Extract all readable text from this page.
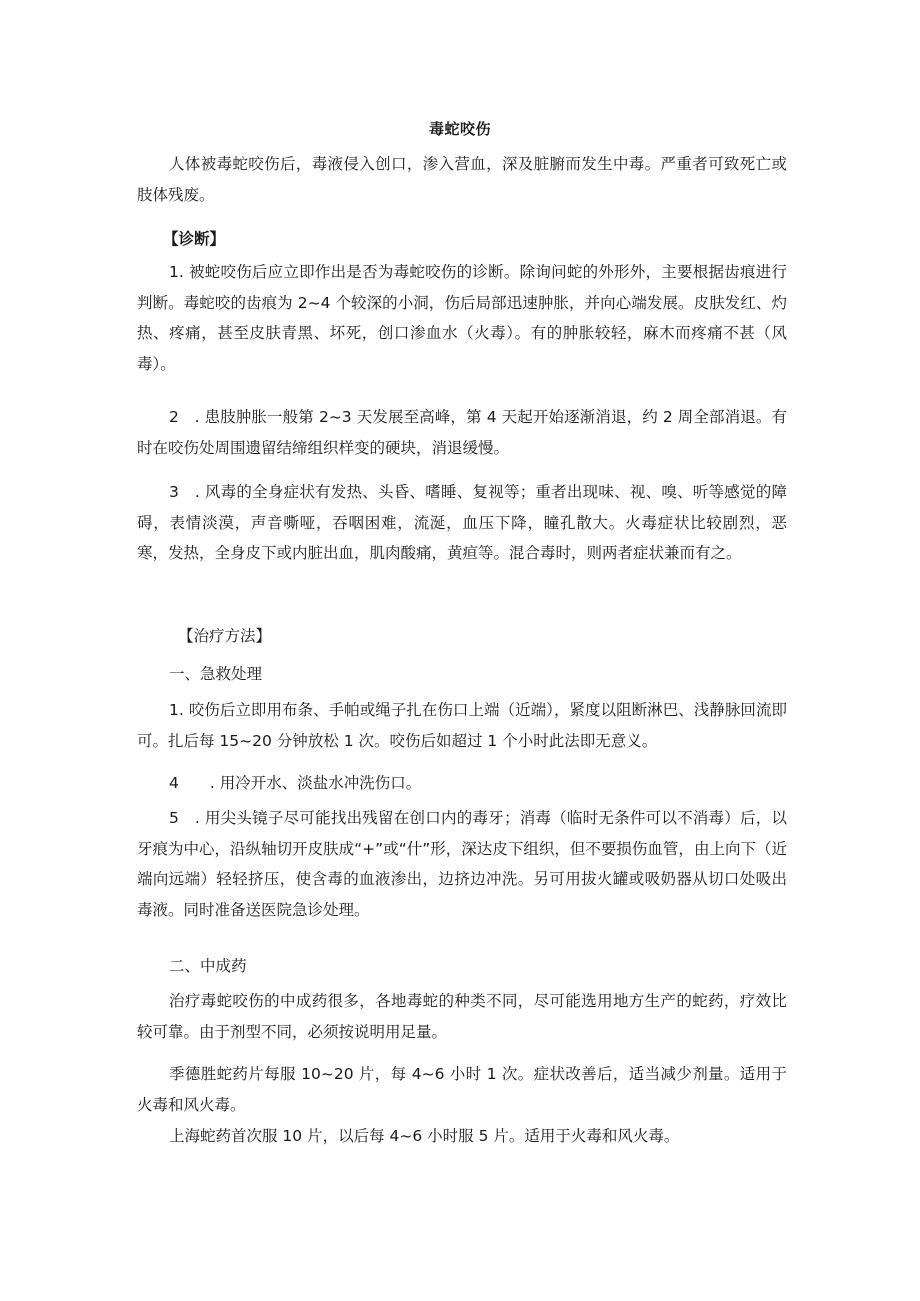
毒蛇咬伤
人体被毒蛇咬伤后，毒液侵入创口，渗入营血，深及脏腑而发生中毒。严重者可致死亡或肢体残废。
【诊断】
1. 被蛇咬伤后应立即作出是否为毒蛇咬伤的诊断。除询问蛇的外形外，主要根据齿痕进行判断。毒蛇咬的齿痕为 2~4 个较深的小洞，伤后局部迅速肿胀，并向心端发展。皮肤发红、灼热、疼痛，甚至皮肤青黑、坏死，创口渗血水（火毒）。有的肿胀较轻，麻木而疼痛不甚（风毒）。
2　. 患肢肿胀一般第 2~3 天发展至高峰，第 4 天起开始逐渐消退，约 2 周全部消退。有时在咬伤处周围遗留结缔组织样变的硬块，消退缓慢。
3　. 风毒的全身症状有发热、头昏、嗜睡、复视等；重者出现味、视、嗅、听等感觉的障碍，表情淡漠，声音嘶哑，吞咽困难，流涎，血压下降，瞳孔散大。火毒症状比较剧烈，恶寒，发热，全身皮下或内脏出血，肌肉酸痛，黄疸等。混合毒时，则两者症状兼而有之。
【治疗方法】
一、急救处理
1. 咬伤后立即用布条、手帕或绳子扎在伤口上端（近端），紧度以阻断淋巴、浅静脉回流即可。扎后每 15~20 分钟放松 1 次。咬伤后如超过 1 个小时此法即无意义。
4　　. 用冷开水、淡盐水冲洗伤口。
5　. 用尖头镜子尽可能找出残留在创口内的毒牙；消毒（临时无条件可以不消毒）后，以牙痕为中心，沿纵轴切开皮肤成“+”或“什”形，深达皮下组织，但不要损伤血管，由上向下（近端向远端）轻轻挤压，使含毒的血液渗出，边挤边冲洗。另可用拔火罐或吸奶器从切口处吸出毒液。同时准备送医院急诊处理。
二、中成药
治疗毒蛇咬伤的中成药很多，各地毒蛇的种类不同，尽可能选用地方生产的蛇药，疗效比较可靠。由于剂型不同，必须按说明用足量。
季德胜蛇药片每服 10~20 片，每 4~6 小时 1 次。症状改善后，适当减少剂量。适用于火毒和风火毒。
上海蛇药首次服 10 片，以后每 4~6 小时服 5 片。适用于火毒和风火毒。
